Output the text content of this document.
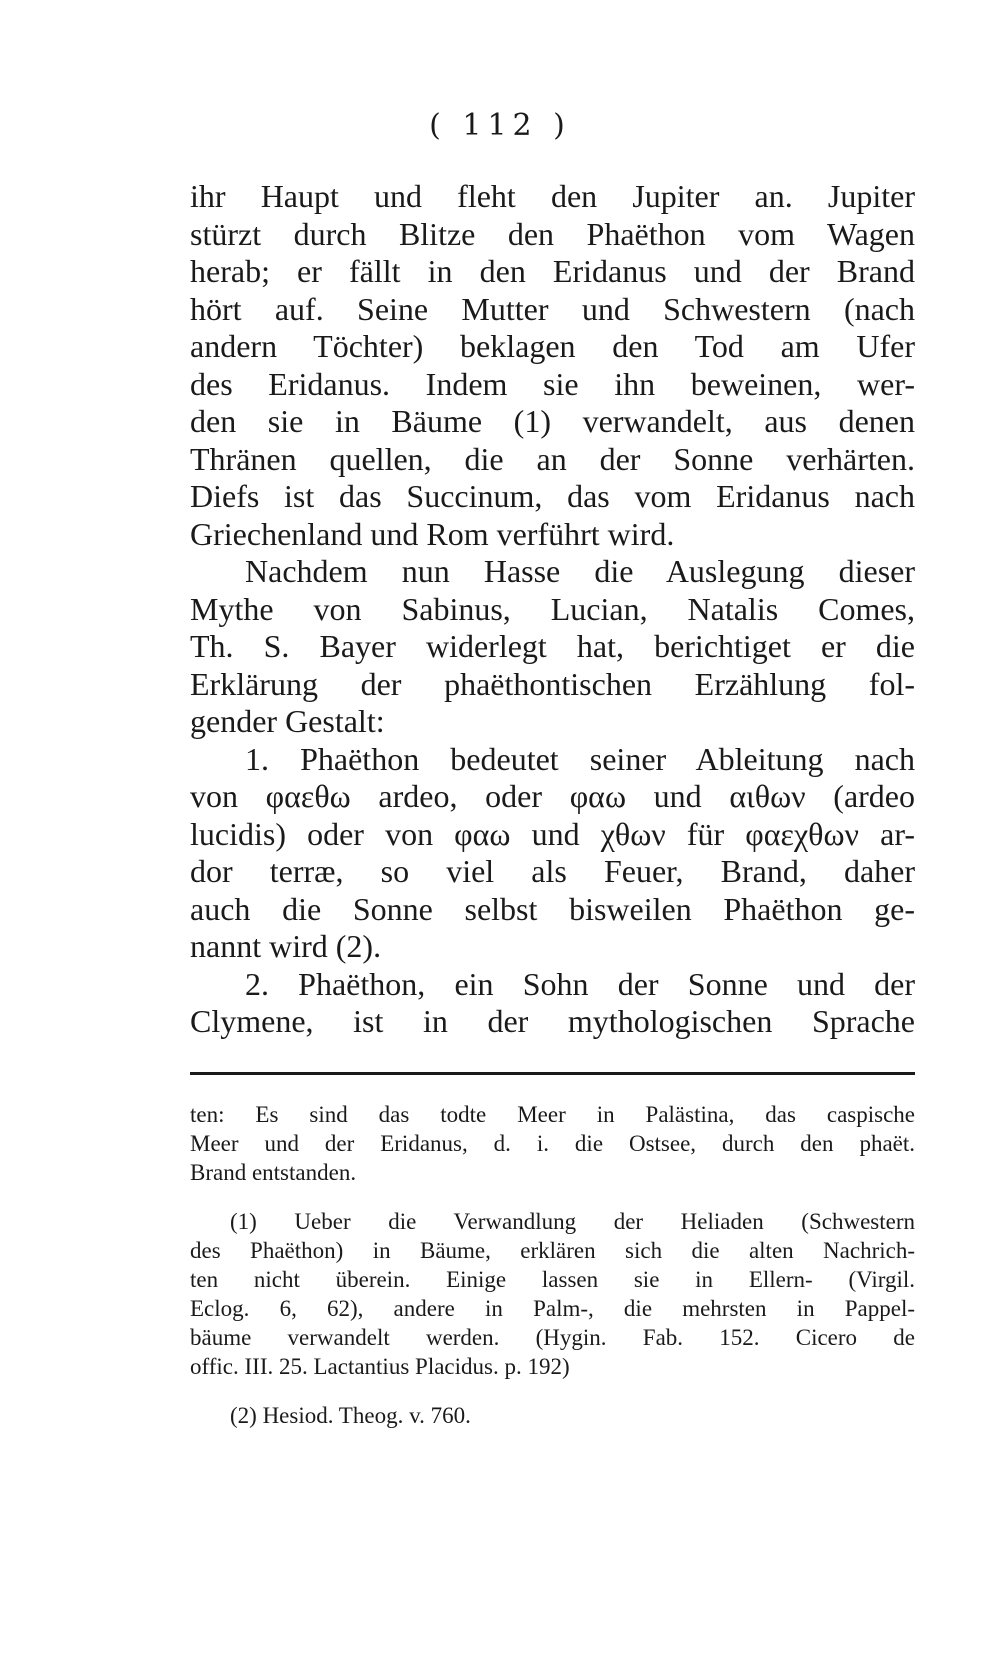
( 112 )
ihr Haupt und fleht den Jupiter an. Jupiter
stürzt durch Blitze den Phaëthon vom Wagen
herab; er fällt in den Eridanus und der Brand
hört auf. Seine Mutter und Schwestern (nach
andern Töchter) beklagen den Tod am Ufer
des Eridanus. Indem sie ihn beweinen, wer-
den sie in Bäume (1) verwandelt, aus denen
Thränen quellen, die an der Sonne verhärten.
Diefs ist das Succinum, das vom Eridanus nach
Griechenland und Rom verführt wird.
Nachdem nun Hasse die Auslegung dieser
Mythe von Sabinus, Lucian, Natalis Comes,
Th. S. Bayer widerlegt hat, berichtiget er die
Erklärung der phaëthontischen Erzählung fol-
gender Gestalt:
1. Phaëthon bedeutet seiner Ableitung nach
von φαεθω ardeo, oder φαω und αιθων (ardeo
lucidis) oder von φαω und χθων für φαεχθων ar-
dor terræ, so viel als Feuer, Brand, daher
auch die Sonne selbst bisweilen Phaëthon ge-
nannt wird (2).
2. Phaëthon, ein Sohn der Sonne und der
Clymene, ist in der mythologischen Sprache
ten: Es sind das todte Meer in Palästina, das caspische
Meer und der Eridanus, d. i. die Ostsee, durch den phaët.
Brand entstanden.
(1) Ueber die Verwandlung der Heliaden (Schwestern
des Phaëthon) in Bäume, erklären sich die alten Nachrich-
ten nicht überein. Einige lassen sie in Ellern- (Virgil.
Eclog. 6, 62), andere in Palm-, die mehrsten in Pappel-
bäume verwandelt werden. (Hygin. Fab. 152. Cicero de
offic. III. 25. Lactantius Placidus. p. 192)
(2) Hesiod. Theog. v. 760.
